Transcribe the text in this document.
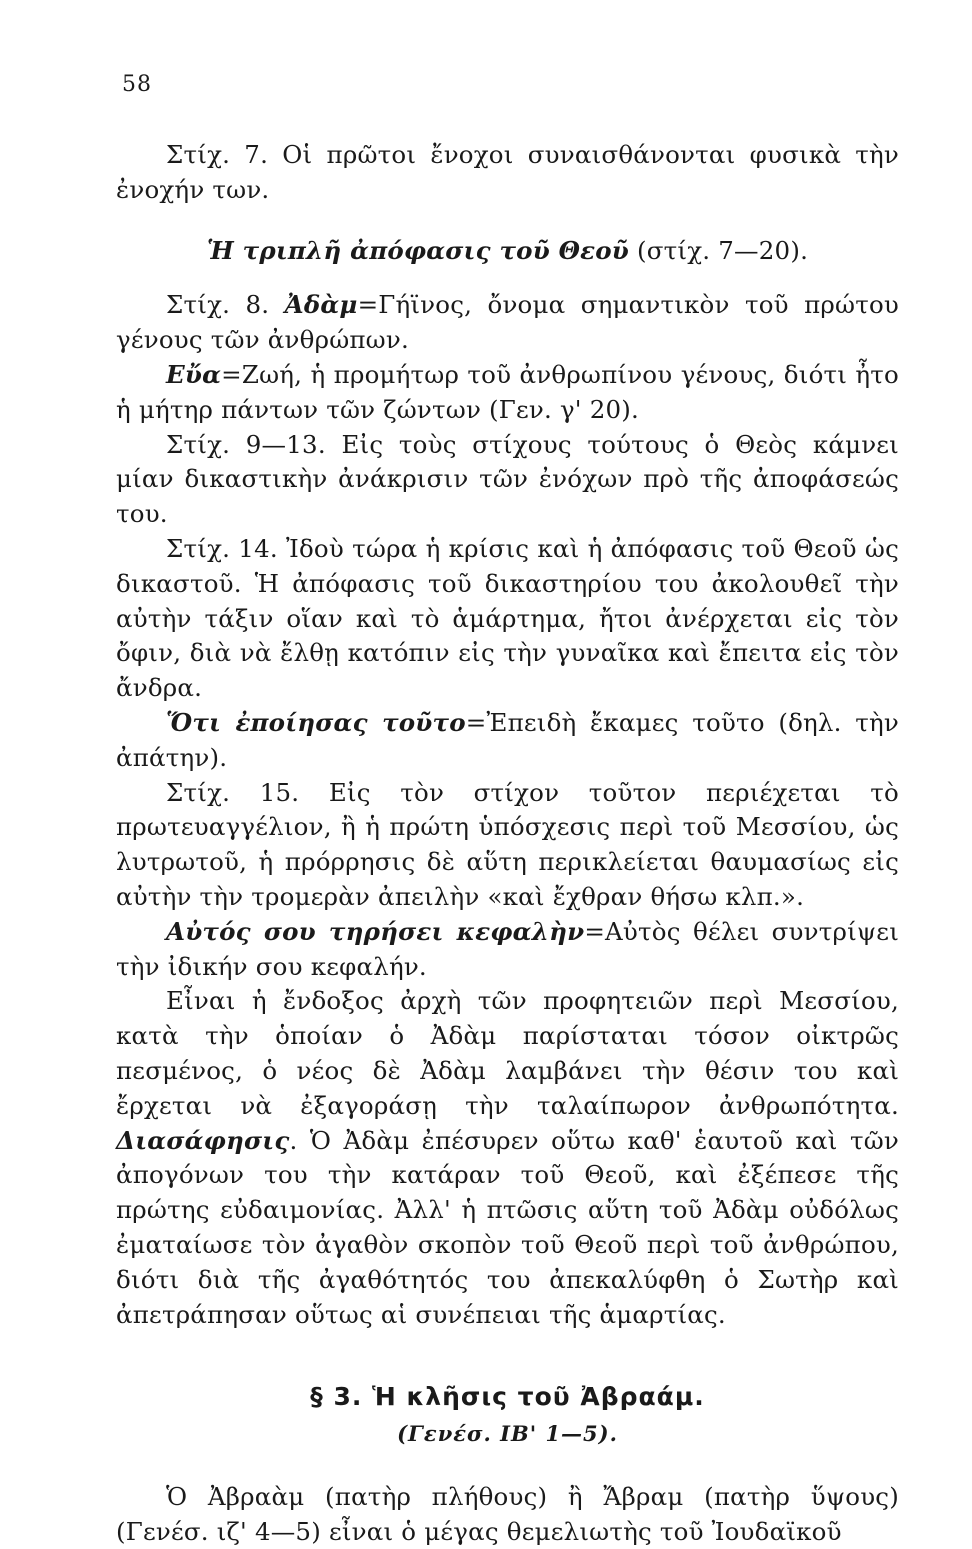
58

Στίχ. 7. Οἱ πρῶτοι ἔνοχοι συναισθάνονται φυσικὰ τὴν ἐνοχήν των.

Ἡ τριπλῆ ἀπόφασις τοῦ Θεοῦ (στίχ. 7—20).

Στίχ. 8. Ἀδὰμ=Γήϊνος, ὄνομα σημαντικὸν τοῦ πρώτου γένους τῶν ἀνθρώπων.

Εὔα=Ζωή, ἡ προμήτωρ τοῦ ἀνθρωπίνου γένους, διότι ἦτο ἡ μήτηρ πάντων τῶν ζώντων (Γεν. γ' 20).

Στίχ. 9—13. Εἰς τοὺς στίχους τούτους ὁ Θεὸς κάμνει μίαν δικαστικὴν ἀνάκρισιν τῶν ἐνόχων πρὸ τῆς ἀποφάσεώς του.

Στίχ. 14. Ἰδοὺ τώρα ἡ κρίσις καὶ ἡ ἀπόφασις τοῦ Θεοῦ ὡς δικαστοῦ. Ἡ ἀπόφασις τοῦ δικαστηρίου του ἀκολουθεῖ τὴν αὐτὴν τάξιν οἵαν καὶ τὸ ἁμάρτημα, ἤτοι ἀνέρχεται εἰς τὸν ὄφιν, διὰ νὰ ἔλθῃ κατόπιν εἰς τὴν γυναῖκα καὶ ἔπειτα εἰς τὸν ἄνδρα.

Ὅτι ἐποίησας τοῦτο=Ἐπειδὴ ἔκαμες τοῦτο (δηλ. τὴν ἀπάτην).

Στίχ. 15. Εἰς τὸν στίχον τοῦτον περιέχεται τὸ πρωτευαγγέλιον, ἢ ἡ πρώτη ὑπόσχεσις περὶ τοῦ Μεσσίου, ὡς λυτρωτοῦ, ἡ πρόρρησις δὲ αὕτη περικλείεται θαυμασίως εἰς αὐτὴν τὴν τρομερὰν ἀπειλὴν «καὶ ἔχθραν θήσω κλπ.».

Αὐτός σου τηρήσει κεφαλὴν=Αὐτὸς θέλει συντρίψει τὴν ἰδικήν σου κεφαλήν.

Εἶναι ἡ ἔνδοξος ἀρχὴ τῶν προφητειῶν περὶ Μεσσίου, κατὰ τὴν ὁποίαν ὁ Ἀδὰμ παρίσταται τόσον οἰκτρῶς πεσμένος, ὁ νέος δὲ Ἀδὰμ λαμβάνει τὴν θέσιν του καὶ ἔρχεται νὰ ἐξαγοράσῃ τὴν ταλαίπωρον ἀνθρωπότητα. Διασάφησις. Ὁ Ἀδὰμ ἐπέσυρεν οὕτω καθ' ἑαυτοῦ καὶ τῶν ἀπογόνων του τὴν κατάραν τοῦ Θεοῦ, καὶ ἐξέπεσε τῆς πρώτης εὐδαιμονίας. Ἀλλ' ἡ πτῶσις αὕτη τοῦ Ἀδὰμ οὐδόλως ἐματαίωσε τὸν ἀγαθὸν σκοπὸν τοῦ Θεοῦ περὶ τοῦ ἀνθρώπου, διότι διὰ τῆς ἀγαθότητός του ἀπεκαλύφθη ὁ Σωτὴρ καὶ ἀπετράπησαν οὕτως αἱ συνέπειαι τῆς ἁμαρτίας.

§ 3. Ἡ κλῆσις τοῦ Ἀβραάμ.

(Γενέσ. ΙΒ' 1—5).

Ὁ Ἀβραὰμ (πατὴρ πλήθους) ἢ Ἄβραμ (πατὴρ ὕψους) (Γενέσ. ιζ' 4—5) εἶναι ὁ μέγας θεμελιωτὴς τοῦ Ἰουδαϊκοῦ
